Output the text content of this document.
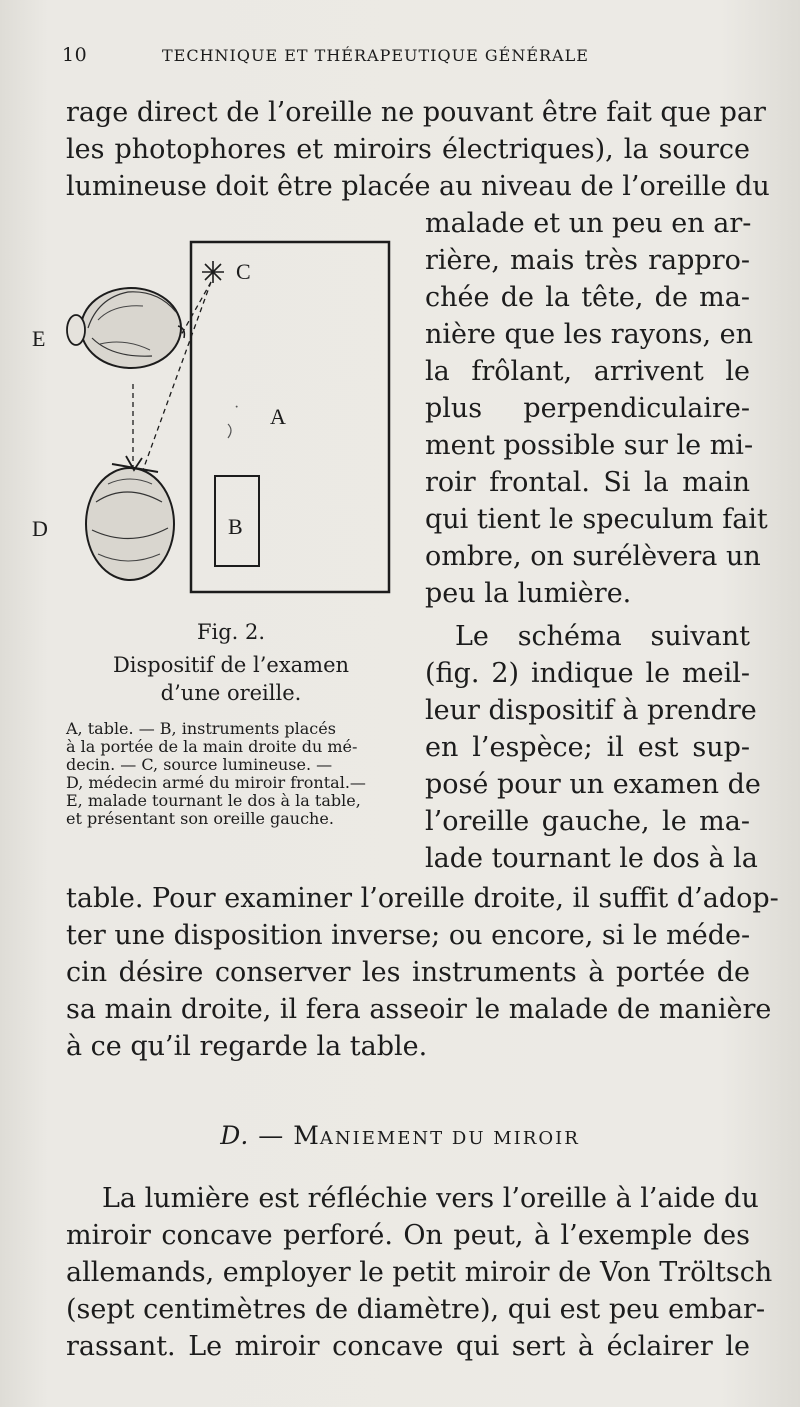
10	TECHNIQUE ET THÉRAPEUTIQUE GÉNÉRALE
rage direct de l’oreille ne pouvant être fait que par
les photophores et miroirs électriques), la source
lumineuse doit être placée au niveau de l’oreille du
malade et un peu en ar-
rière, mais très rappro-
chée de la tête, de ma-
nière que les rayons, en
la frôlant, arrivent le
plus perpendiculaire-
ment possible sur le mi-
roir frontal. Si la main
qui tient le speculum fait
ombre, on surélèvera un
peu la lumière.
Le schéma suivant
(fig. 2) indique le meil-
leur dispositif à prendre
en l’espèce; il est sup-
posé pour un examen de
l’oreille gauche, le ma-
lade tournant le dos à la
·
C
A
B
E
D
Fig. 2.
Dispositif de l’examen
d’une oreille.
A, table. — B, instruments placés
à la portée de la main droite du mé-
decin. — C, source lumineuse. —
D, médecin armé du miroir frontal.—
E, malade tournant le dos à la table,
et présentant son oreille gauche.
table. Pour examiner l’oreille droite, il suffit d’adop-
ter une disposition inverse; ou encore, si le méde-
cin désire conserver les instruments à portée de
sa main droite, il fera asseoir le malade de manière
à ce qu’il regarde la table.
D. — MANIEMENT DU MIROIR
La lumière est réfléchie vers l’oreille à l’aide du
miroir concave perforé. On peut, à l’exemple des
allemands, employer le petit miroir de Von Tröltsch
(sept centimètres de diamètre), qui est peu embar-
rassant. Le miroir concave qui sert à éclairer le
